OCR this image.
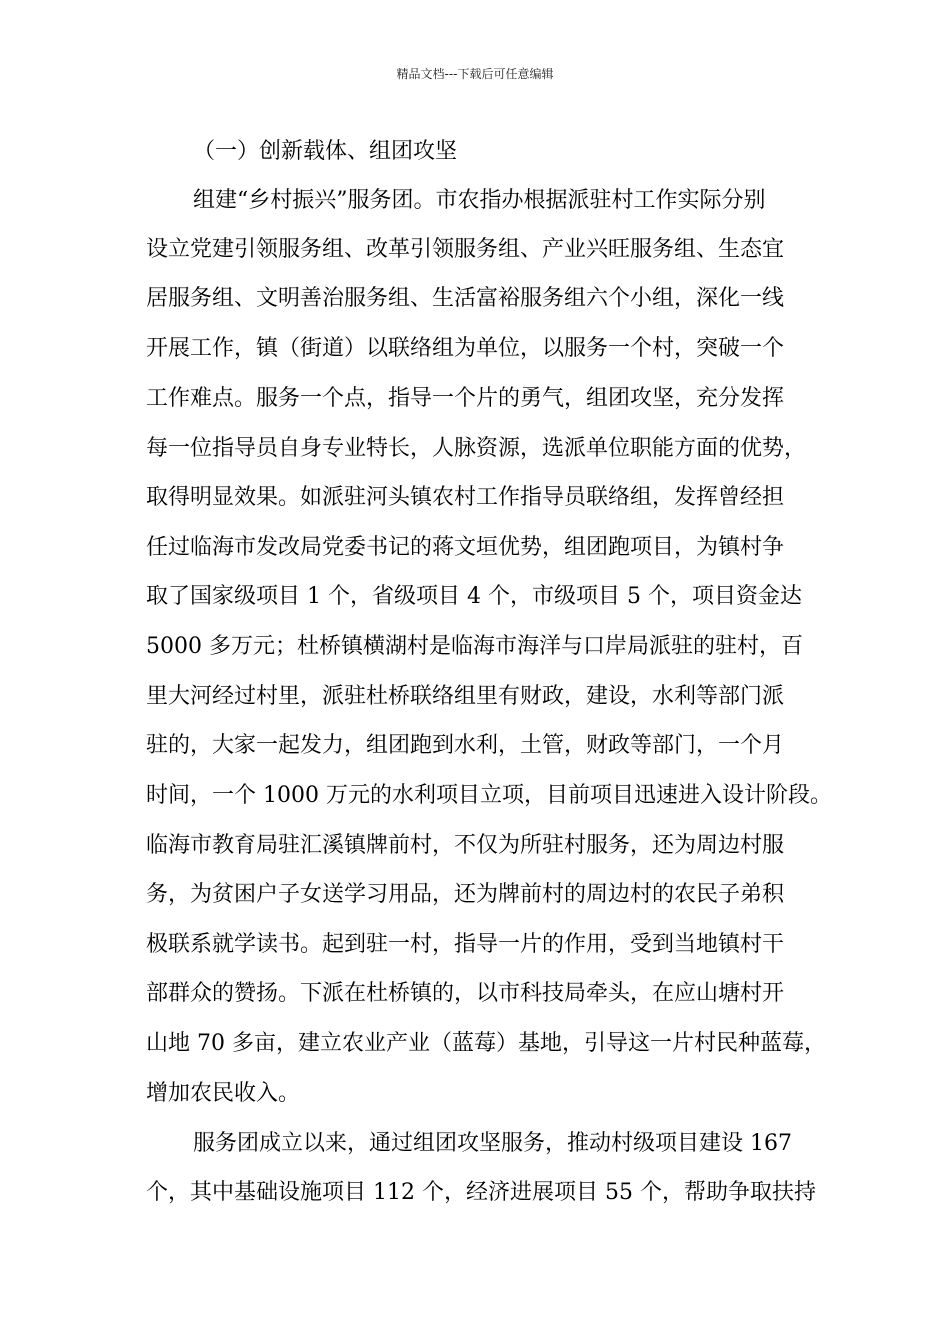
精品文档---下载后可任意编辑
（一）创新载体、组团攻坚
组建“乡村振兴”服务团。市农指办根据派驻村工作实际分别
设立党建引领服务组、改革引领服务组、产业兴旺服务组、生态宜
居服务组、文明善治服务组、生活富裕服务组六个小组，深化一线
开展工作，镇（街道）以联络组为单位，以服务一个村，突破一个
工作难点。服务一个点，指导一个片的勇气，组团攻坚，充分发挥
每一位指导员自身专业特长，人脉资源，选派单位职能方面的优势，
取得明显效果。如派驻河头镇农村工作指导员联络组，发挥曾经担
任过临海市发改局党委书记的蒋文垣优势，组团跑项目，为镇村争
取了国家级项目 1 个，省级项目 4 个，市级项目 5 个，项目资金达
5000 多万元；杜桥镇横湖村是临海市海洋与口岸局派驻的驻村，百
里大河经过村里，派驻杜桥联络组里有财政，建设，水利等部门派
驻的，大家一起发力，组团跑到水利，土管，财政等部门，一个月
时间，一个 1000 万元的水利项目立项，目前项目迅速进入设计阶段。
临海市教育局驻汇溪镇牌前村，不仅为所驻村服务，还为周边村服
务，为贫困户子女送学习用品，还为牌前村的周边村的农民子弟积
极联系就学读书。起到驻一村，指导一片的作用，受到当地镇村干
部群众的赞扬。下派在杜桥镇的，以市科技局牵头，在应山塘村开
山地 70 多亩，建立农业产业（蓝莓）基地，引导这一片村民种蓝莓，
增加农民收入。
服务团成立以来，通过组团攻坚服务，推动村级项目建设 167
个，其中基础设施项目 112 个，经济进展项目 55 个，帮助争取扶持
